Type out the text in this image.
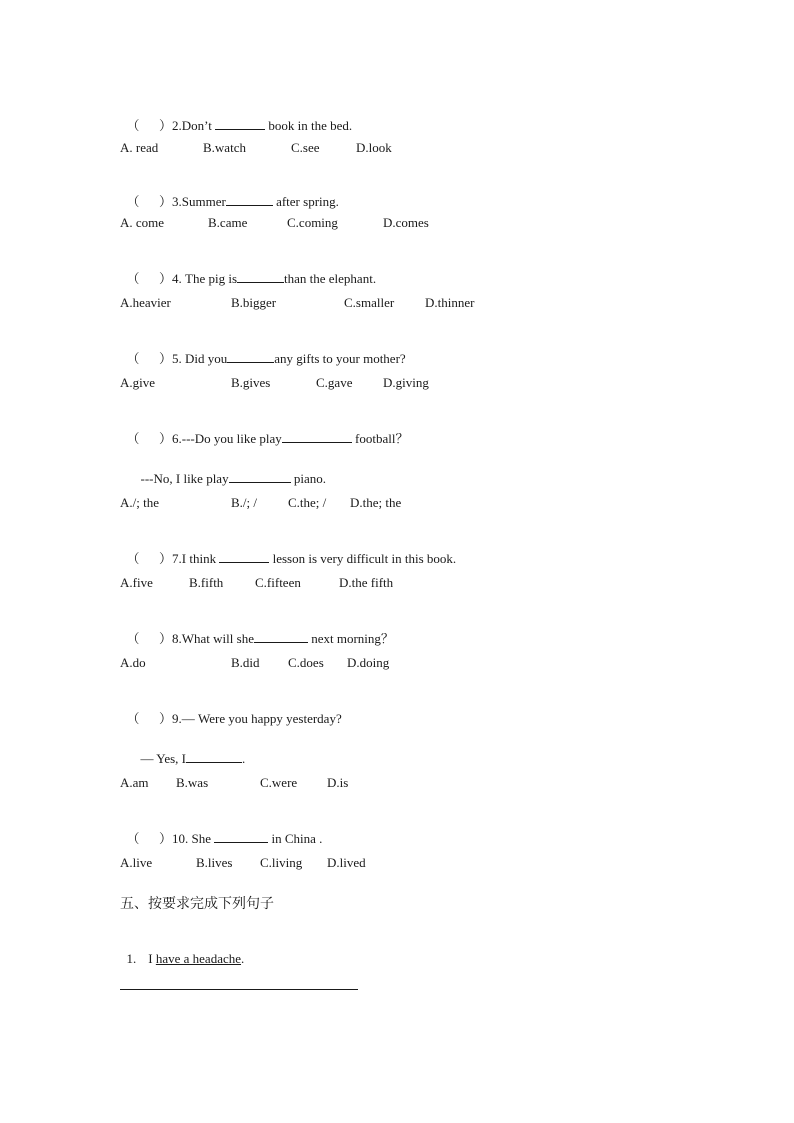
（      ）2.Don’t	book in the bed.

A. read	B.watch	C.see	D.look

（      ）3.Summer	after spring.

A. come	B.came	C.coming	D.comes

（      ）4. The pig is	than the elephant.

A.heavier	B.bigger	C.smaller D.thinner

（      ）5. Did you	any gifts to your mother?

A.give	B.gives	C.gave D.giving

（      ）6.---Do you like play	football？

---No, I like play	piano.

A./; the	B./; / C.the; / D.the; the

（      ）7.I think	lesson is very difficult in this book.

A.five	B.fifth C.fifteen	D.the fifth

（      ）8.What will she	next morning？

A.do	B.did C.does D.doing

（      ）9.— Were you happy yesterday?

— Yes, I	.

A.am B.was	C.were D.is

（      ）10. She	in China .

A.live	B.lives C.living D.lived
五、按要求完成下列句子

1. I have a headache.
